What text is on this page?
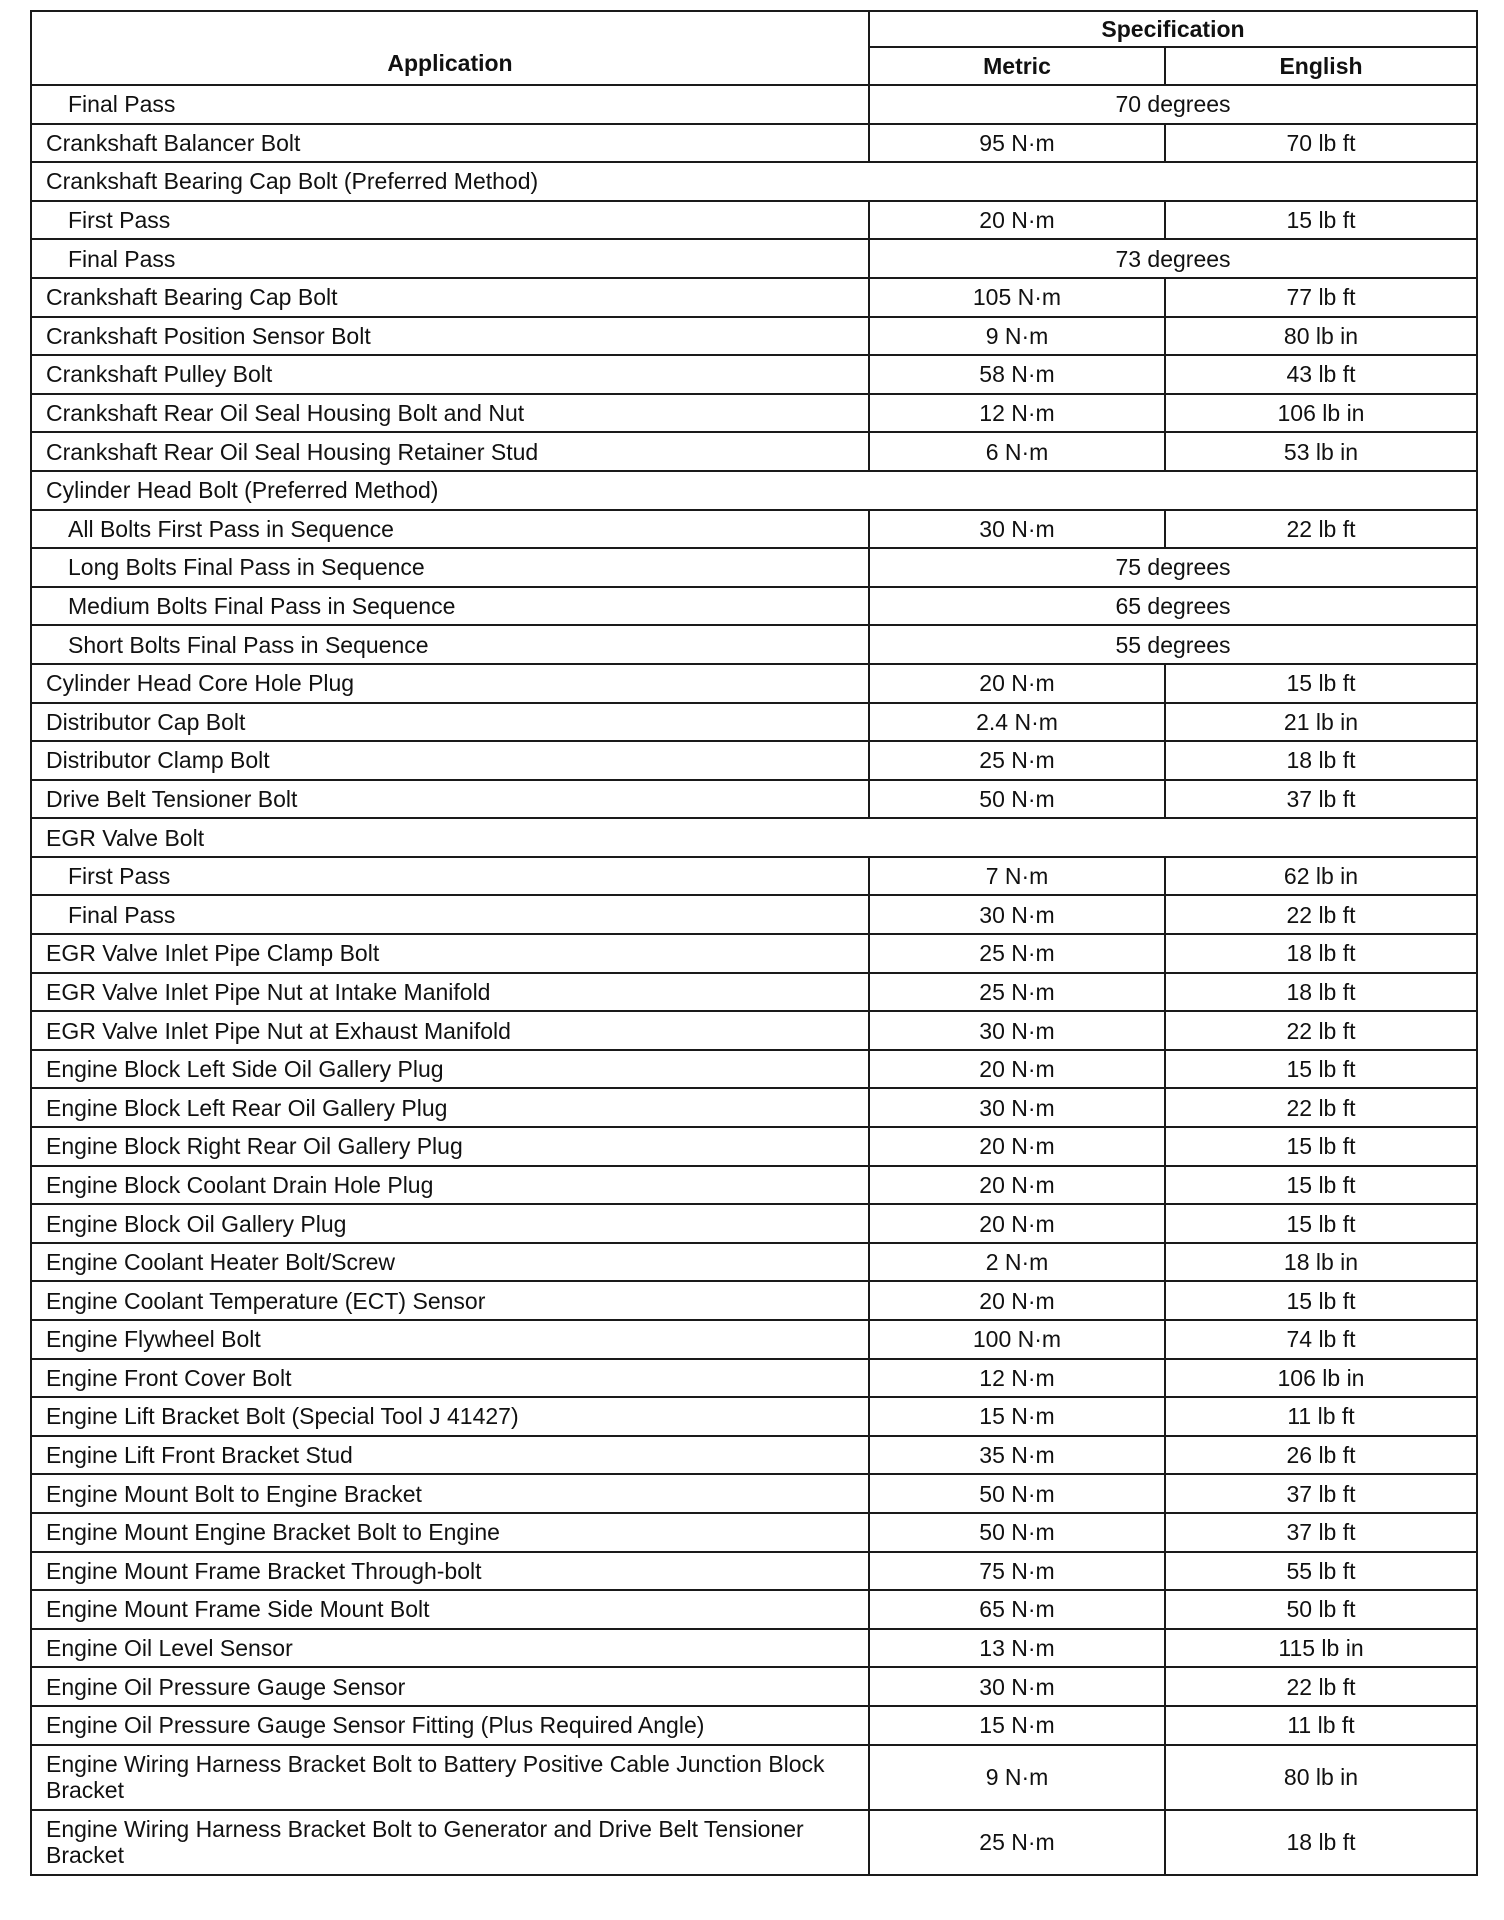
Application	Specification	
	Metric	English
Final Pass	70 degrees	
Crankshaft Balancer Bolt	95 N·m	70 lb ft
Crankshaft Bearing Cap Bolt (Preferred Method)		
First Pass	20 N·m	15 lb ft
Final Pass	73 degrees	
Crankshaft Bearing Cap Bolt	105 N·m	77 lb ft
Crankshaft Position Sensor Bolt	9 N·m	80 lb in
Crankshaft Pulley Bolt	58 N·m	43 lb ft
Crankshaft Rear Oil Seal Housing Bolt and Nut	12 N·m	106 lb in
Crankshaft Rear Oil Seal Housing Retainer Stud	6 N·m	53 lb in
Cylinder Head Bolt (Preferred Method)		
All Bolts First Pass in Sequence	30 N·m	22 lb ft
Long Bolts Final Pass in Sequence	75 degrees	
Medium Bolts Final Pass in Sequence	65 degrees	
Short Bolts Final Pass in Sequence	55 degrees	
Cylinder Head Core Hole Plug	20 N·m	15 lb ft
Distributor Cap Bolt	2.4 N·m	21 lb in
Distributor Clamp Bolt	25 N·m	18 lb ft
Drive Belt Tensioner Bolt	50 N·m	37 lb ft
EGR Valve Bolt		
First Pass	7 N·m	62 lb in
Final Pass	30 N·m	22 lb ft
EGR Valve Inlet Pipe Clamp Bolt	25 N·m	18 lb ft
EGR Valve Inlet Pipe Nut at Intake Manifold	25 N·m	18 lb ft
EGR Valve Inlet Pipe Nut at Exhaust Manifold	30 N·m	22 lb ft
Engine Block Left Side Oil Gallery Plug	20 N·m	15 lb ft
Engine Block Left Rear Oil Gallery Plug	30 N·m	22 lb ft
Engine Block Right Rear Oil Gallery Plug	20 N·m	15 lb ft
Engine Block Coolant Drain Hole Plug	20 N·m	15 lb ft
Engine Block Oil Gallery Plug	20 N·m	15 lb ft
Engine Coolant Heater Bolt/Screw	2 N·m	18 lb in
Engine Coolant Temperature (ECT) Sensor	20 N·m	15 lb ft
Engine Flywheel Bolt	100 N·m	74 lb ft
Engine Front Cover Bolt	12 N·m	106 lb in
Engine Lift Bracket Bolt (Special Tool J 41427)	15 N·m	11 lb ft
Engine Lift Front Bracket Stud	35 N·m	26 lb ft
Engine Mount Bolt to Engine Bracket	50 N·m	37 lb ft
Engine Mount Engine Bracket Bolt to Engine	50 N·m	37 lb ft
Engine Mount Frame Bracket Through-bolt	75 N·m	55 lb ft
Engine Mount Frame Side Mount Bolt	65 N·m	50 lb ft
Engine Oil Level Sensor	13 N·m	115 lb in
Engine Oil Pressure Gauge Sensor	30 N·m	22 lb ft
Engine Oil Pressure Gauge Sensor Fitting (Plus Required Angle)	15 N·m	11 lb ft
Engine Wiring Harness Bracket Bolt to Battery Positive Cable Junction Block Bracket	9 N·m	80 lb in
Engine Wiring Harness Bracket Bolt to Generator and Drive Belt Tensioner Bracket	25 N·m	18 lb ft
